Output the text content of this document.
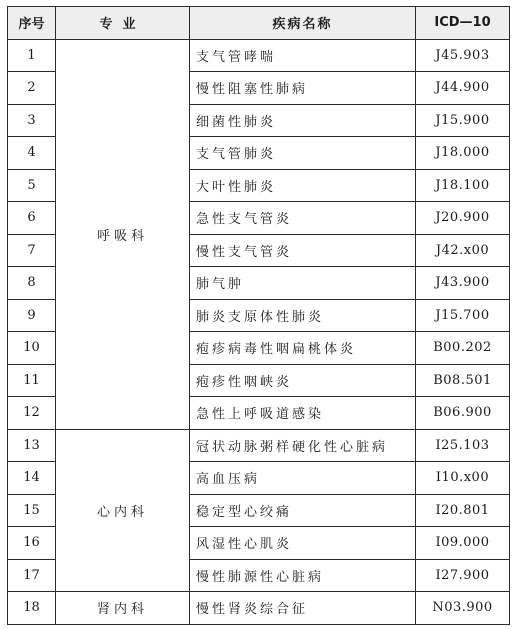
序号	专业	疾病名称	ICD—10
1	呼吸科	支气管哮喘	J45.903
2		慢性阻塞性肺病	J44.900
3		细菌性肺炎	J15.900
4		支气管肺炎	J18.000
5		大叶性肺炎	J18.100
6		急性支气管炎	J20.900
7		慢性支气管炎	J42.x00
8		肺气肿	J43.900
9		肺炎支原体性肺炎	J15.700
10		疱疹病毒性咽扁桃体炎	B00.202
11		疱疹性咽峡炎	B08.501
12		急性上呼吸道感染	B06.900
13	心内科	冠状动脉粥样硬化性心脏病	I25.103
14		高血压病	I10.x00
15		稳定型心绞痛	I20.801
16		风湿性心肌炎	I09.000
17		慢性肺源性心脏病	I27.900
18	肾内科	慢性肾炎综合征	N03.900
